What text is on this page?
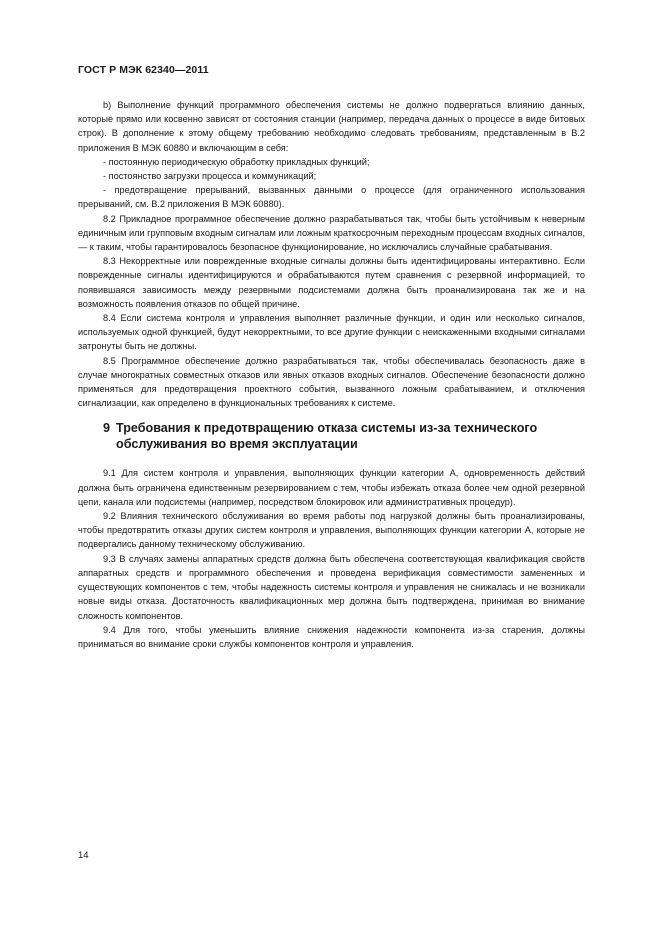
ГОСТ Р МЭК 62340—2011

b) Выполнение функций программного обеспечения системы не должно подвергаться влиянию данных, которые прямо или косвенно зависят от состояния станции (например, передача данных о процессе в виде битовых строк). В дополнение к этому общему требованию необходимо следовать требованиям, представленным в В.2 приложения В МЭК 60880 и включающим в себя:

- постоянную периодическую обработку прикладных функций;

- постоянство загрузки процесса и коммуникаций;

- предотвращение прерываний, вызванных данными о процессе (для ограниченного использования прерываний, см. В.2 приложения В МЭК 60880).

8.2 Прикладное программное обеспечение должно разрабатываться так, чтобы быть устойчивым к неверным единичным или групповым входным сигналам или ложным краткосрочным переходным процессам входных сигналов, — к таким, чтобы гарантировалось безопасное функционирование, но исключались случайные срабатывания.

8.3 Некорректные или поврежденные входные сигналы должны быть идентифицированы интерактивно. Если поврежденные сигналы идентифицируются и обрабатываются путем сравнения с резервной информацией, то появившаяся зависимость между резервными подсистемами должна быть проанализирована так же и на возможность появления отказов по общей причине.

8.4 Если система контроля и управления выполняет различные функции, и один или несколько сигналов, используемых одной функцией, будут некорректными, то все другие функции с неискаженными входными сигналами затронуты быть не должны.

8.5 Программное обеспечение должно разрабатываться так, чтобы обеспечивалась безопасность даже в случае многократных совместных отказов или явных отказов входных сигналов. Обеспечение безопасности должно применяться для предотвращения проектного события, вызванного ложным срабатыванием, и отключения сигнализации, как определено в функциональных требованиях к системе.

9 Требования к предотвращению отказа системы из-за технического обслуживания во время эксплуатации

9.1 Для систем контроля и управления, выполняющих функции категории А, одновременность действий должна быть ограничена единственным резервированием с тем, чтобы избежать отказа более чем одной резервной цепи, канала или подсистемы (например, посредством блокировок или административных процедур).

9.2 Влияния технического обслуживания во время работы под нагрузкой должны быть проанализированы, чтобы предотвратить отказы других систем контроля и управления, выполняющих функции категории А, которые не подвергались данному техническому обслуживанию.

9.3 В случаях замены аппаратных средств должна быть обеспечена соответствующая квалификация свойств аппаратных средств и программного обеспечения и проведена верификация совместимости замененных и существующих компонентов с тем, чтобы надежность системы контроля и управления не снижалась и не возникали новые виды отказа. Достаточность квалификационных мер должна быть подтверждена, принимая во внимание сложность компонентов.

9.4 Для того, чтобы уменьшить влияние снижения надежности компонента из-за старения, должны приниматься во внимание сроки службы компонентов контроля и управления.

14
